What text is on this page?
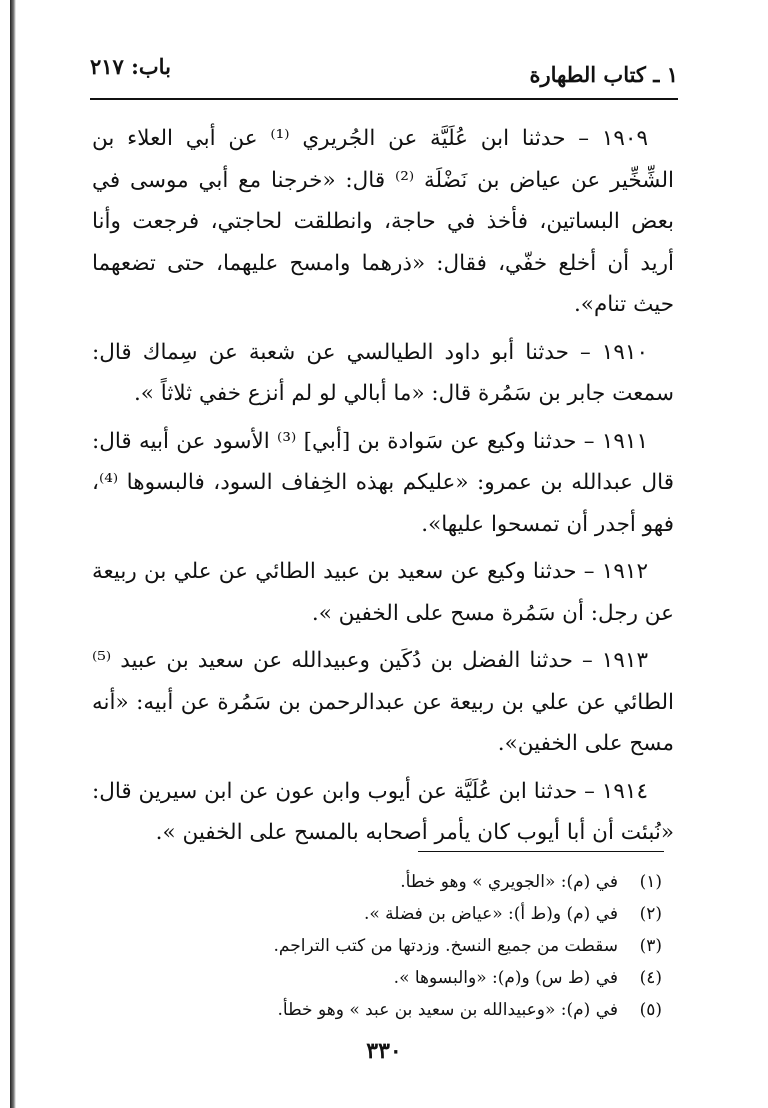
١ ـ كتاب الطهارة
باب: ٢١٧

١٩٠٩ – حدثنا ابن عُلَيَّة عن الجُريري ⁽¹⁾ عن أبي العلاء بن الشِّخِّير عن عياض بن نَضْلَة ⁽²⁾ قال: «خرجنا مع أبي موسى في بعض البساتين، فأخذ في حاجة، وانطلقت لحاجتي، فرجعت وأنا أريد أن أخلع خفّي، فقال: «ذرهما وامسح عليهما، حتى تضعهما حيث تنام».

١٩١٠ – حدثنا أبو داود الطيالسي عن شعبة عن سِماك قال: سمعت جابر بن سَمُرة قال: «ما أبالي لو لم أنزع خفي ثلاثاً ».

١٩١١ – حدثنا وكيع عن سَوادة بن [أبي] ⁽³⁾ الأسود عن أبيه قال: قال عبدالله بن عمرو: «عليكم بهذه الخِفاف السود، فالبسوها ⁽⁴⁾، فهو أجدر أن تمسحوا عليها».

١٩١٢ – حدثنا وكيع عن سعيد بن عبيد الطائي عن علي بن ربيعة عن رجل: أن سَمُرة مسح على الخفين ».

١٩١٣ – حدثنا الفضل بن دُكَين وعبيدالله عن سعيد بن عبيد ⁽⁵⁾ الطائي عن علي بن ربيعة عن عبدالرحمن بن سَمُرة عن أبيه: «أنه مسح على الخفين».

١٩١٤ – حدثنا ابن عُلَيَّة عن أيوب وابن عون عن ابن سيرين قال: «نُبئت أن أبا أيوب كان يأمر أصحابه بالمسح على الخفين ».

(١)في (م): «الجويري » وهو خطأ.
(٢)في (م) و(ط أ): «عياض بن فضلة ».
(٣)سقطت من جميع النسخ. وزدتها من كتب التراجم.
(٤)في (ط س) و(م): «والبسوها ».
(٥)في (م): «وعبيدالله بن سعيد بن عبد » وهو خطأ.
٣٣٠
